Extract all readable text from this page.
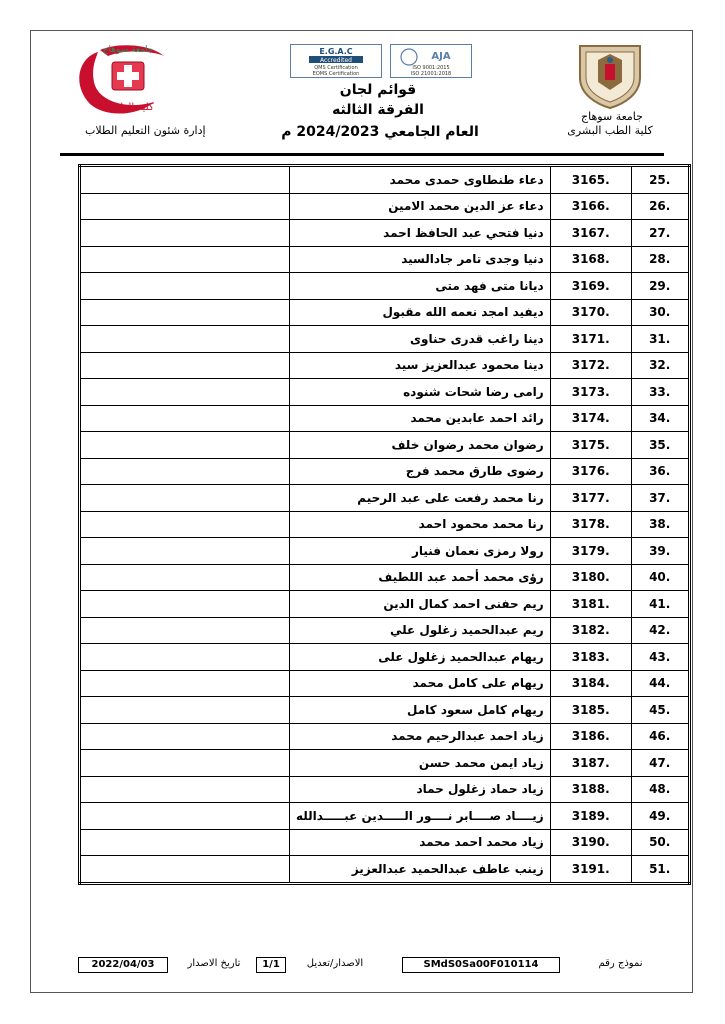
جامعة سوهاج
كلية الطب
إدارة شئون التعليم الطلاب
E.G.A.C
Accredited
QMS Certification
EOMS Certification
AJA
ISO 9001:2015
ISO 21001:2018
قوائم لجان
الفرقة الثالثه
العام الجامعي 2024/2023 م
جامعة سوهاج
كلية الطب البشرى
25.	3165.	دعاء طنطاوى حمدى محمد	
26.	3166.	دعاء عز الدين محمد الامين	
27.	3167.	دنيا فتحي عبد الحافظ احمد	
28.	3168.	دنيا وجدى تامر جادالسيد	
29.	3169.	ديانا متى فهد متى	
30.	3170.	ديفيد امجد نعمه الله مقبول	
31.	3171.	دينا راغب قدرى حناوى	
32.	3172.	دينا محمود عبدالعزيز سيد	
33.	3173.	رامى رضا شحات شنوده	
34.	3174.	رائد احمد عابدين محمد	
35.	3175.	رضوان محمد رضوان خلف	
36.	3176.	رضوى طارق محمد فرج	
37.	3177.	رنا محمد رفعت على عبد الرحيم	
38.	3178.	رنا محمد محمود احمد	
39.	3179.	رولا رمزى نعمان فنيار	
40.	3180.	رؤى محمد أحمد عبد اللطيف	
41.	3181.	ريم حفنى احمد كمال الدين	
42.	3182.	ريم عبدالحميد زغلول علي	
43.	3183.	ريهام عبدالحميد زغلول على	
44.	3184.	ريهام على كامل محمد	
45.	3185.	ريهام كامل سعود كامل	
46.	3186.	زياد احمد عبدالرحيم محمد	
47.	3187.	زياد ايمن محمد حسن	
48.	3188.	زياد حماد زغلول حماد	
49.	3189.	زيــــاد صــــابر نــــور الـــــدين عبـــــدالله	
50.	3190.	زياد محمد احمد محمد	
51.	3191.	زينب عاطف عبدالحميد عبدالعزيز	
2022/04/03	تاريخ الاصدار	1/1	الاصدار/تعديل	SMdS0Sa00F010114	نموذج رقم
